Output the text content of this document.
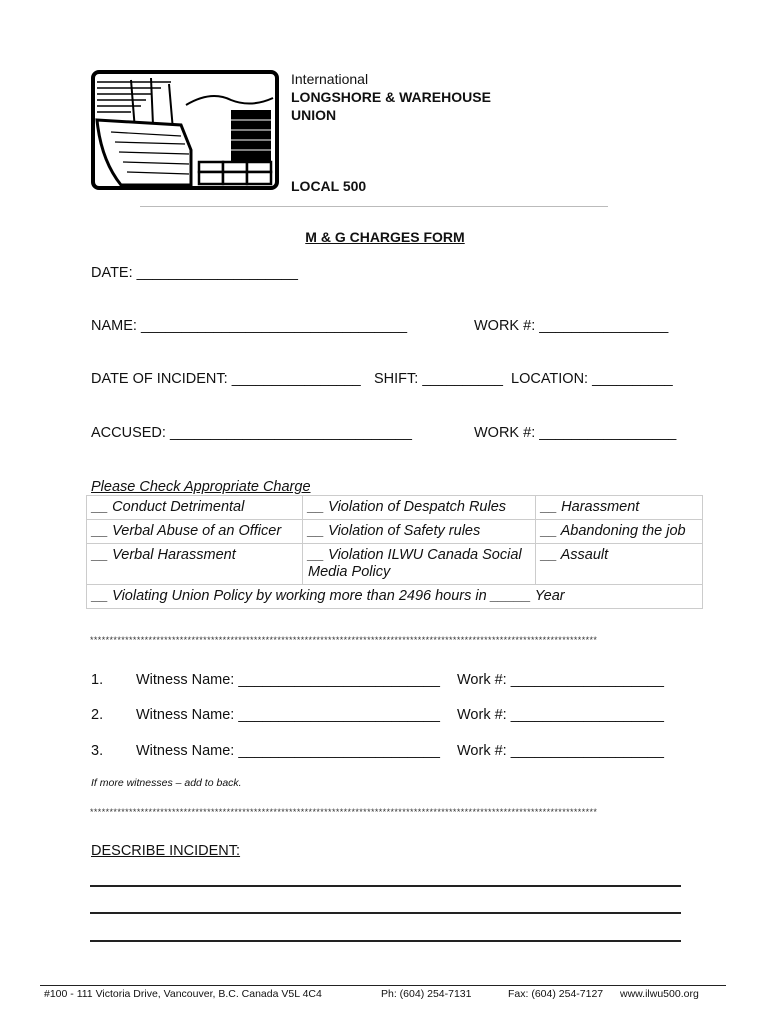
International
LONGSHORE & WAREHOUSE
UNION
LOCAL 500
M & G CHARGES FORM
DATE: ____________________
NAME: _________________________________	WORK #: ________________
DATE OF INCIDENT: ________________ SHIFT: __________ LOCATION: __________
ACCUSED: ______________________________	WORK #: _________________
Please Check Appropriate Charge
__ Conduct Detrimental	__ Violation of Despatch Rules	__ Harassment
__ Verbal Abuse of an Officer	__ Violation of Safety rules	__ Abandoning the job
__ Verbal Harassment	__ Violation ILWU Canada Social Media Policy	__ Assault
__ Violating Union Policy by working more than 2496 hours in _____ Year		
**********************************************************************************************************************************
1. Witness Name: _________________________ Work #: ___________________
2. Witness Name: _________________________ Work #: ___________________
3. Witness Name: _________________________ Work #: ___________________
If more witnesses – add to back.
**********************************************************************************************************************************
DESCRIBE INCIDENT:
#100 - 111 Victoria Drive, Vancouver, B.C. Canada V5L 4C4	Ph: (604) 254-7131	Fax: (604) 254-7127 www.ilwu500.org
